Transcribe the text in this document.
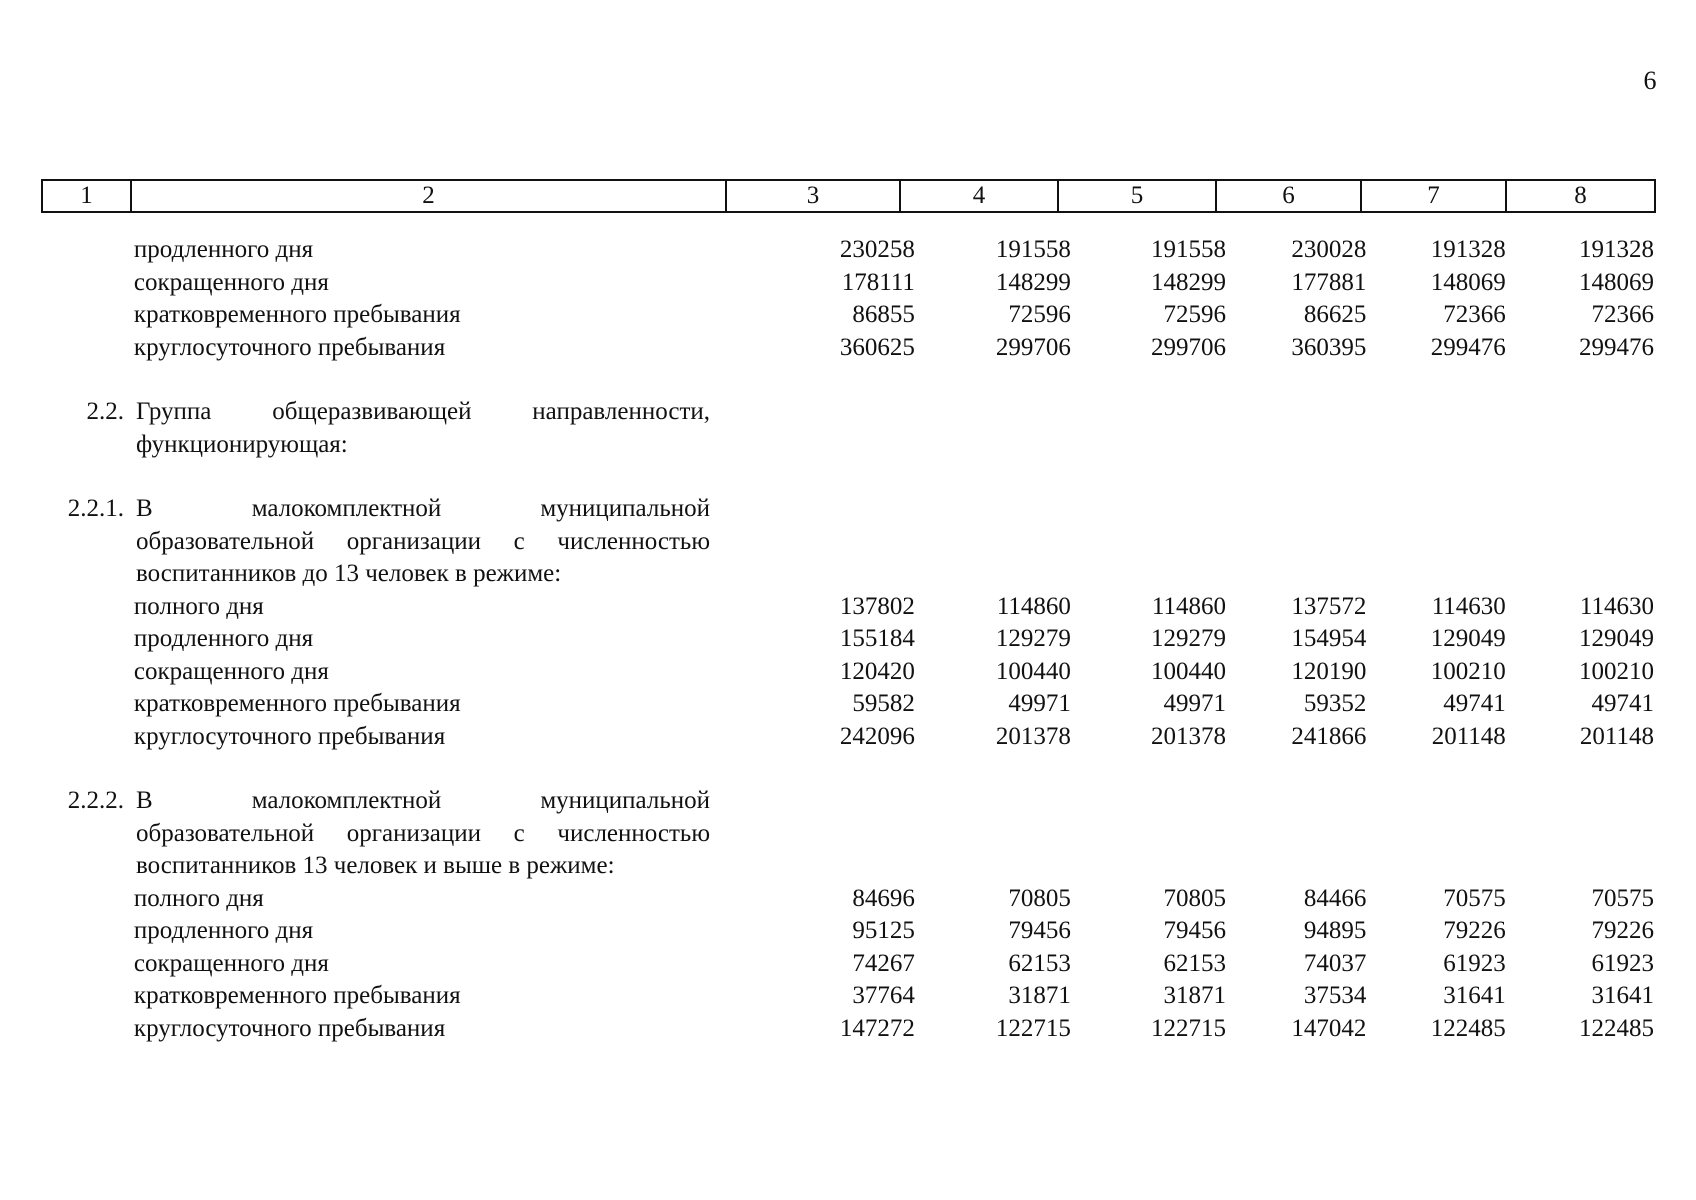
6
1	2	3	4	5	6	7	8
продленного дня	230258	191558	191558	230028	191328	191328
сокращенного дня	178111	148299	148299	177881	148069	148069
кратковременного пребывания	86855	72596	72596	86625	72366	72366
круглосуточного пребывания	360625	299706	299706	360395	299476	299476
2.2. Группа общеразвивающей направленности,
функционирующая:
2.2.1. В малокомплектной муниципальной
образовательной организации с численностью
воспитанников до 13 человек в режиме:
полного дня	137802	114860	114860	137572	114630	114630
продленного дня	155184	129279	129279	154954	129049	129049
сокращенного дня	120420	100440	100440	120190	100210	100210
кратковременного пребывания	59582	49971	49971	59352	49741	49741
круглосуточного пребывания	242096	201378	201378	241866	201148	201148
2.2.2. В малокомплектной муниципальной
образовательной организации с численностью
воспитанников 13 человек и выше в режиме:
полного дня	84696	70805	70805	84466	70575	70575
продленного дня	95125	79456	79456	94895	79226	79226
сокращенного дня	74267	62153	62153	74037	61923	61923
кратковременного пребывания	37764	31871	31871	37534	31641	31641
круглосуточного пребывания	147272	122715	122715	147042	122485	122485
